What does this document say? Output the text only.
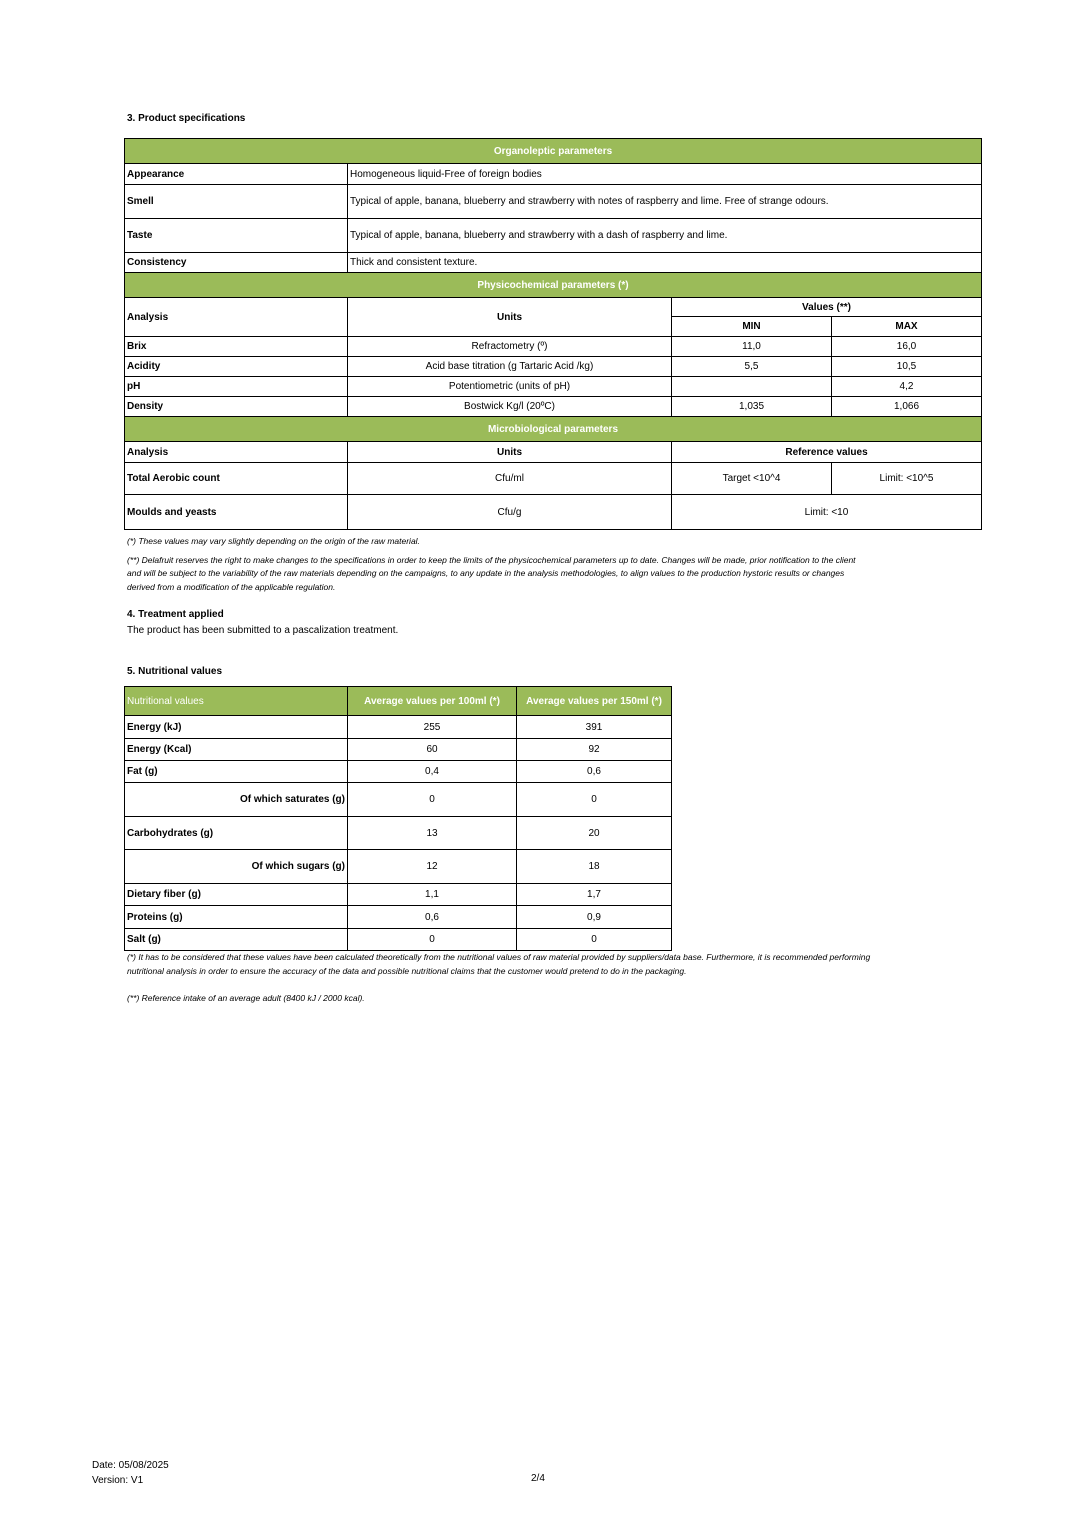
3. Product specifications
Organoleptic parameters			
Appearance	Homogeneous liquid-Free of foreign bodies		
Smell	Typical of apple, banana, blueberry and strawberry with notes of raspberry and lime. Free of strange odours.		
Taste	Typical of apple, banana, blueberry and strawberry with a dash of raspberry and lime.		
Consistency	Thick and consistent texture.		
Physicochemical parameters (*)			
Analysis	Units	Values (**)	
		MIN	MAX
Brix	Refractometry (º)	11,0	16,0
Acidity	Acid base titration (g Tartaric Acid /kg)	5,5	10,5
pH	Potentiometric (units of pH)		4,2
Density	Bostwick Kg/l (20ºC)	1,035	1,066
Microbiological parameters			
Analysis	Units	Reference values	
Total Aerobic count	Cfu/ml	Target <10^4	Limit: <10^5
Moulds and yeasts	Cfu/g	Limit: <10	
(*) These values may vary slightly depending on the origin of the raw material.
(**) Delafruit reserves the right to make changes to the specifications in order to keep the limits of the physicochemical parameters up to date. Changes will be made, prior notification to the client
and will be subject to the variability of the raw materials depending on the campaigns, to any update in the analysis methodologies, to align values to the production hystoric results or changes
derived from a modification of the applicable regulation.
4. Treatment applied
The product has been submitted to a pascalization treatment.
5. Nutritional values
Nutritional values	Average values per 100ml (*)	Average values per 150ml (*)
Energy (kJ)	255	391
Energy (Kcal)	60	92
Fat (g)	0,4	0,6
Of which saturates (g)	0	0
Carbohydrates (g)	13	20
Of which sugars (g)	12	18
Dietary fiber (g)	1,1	1,7
Proteins (g)	0,6	0,9
Salt (g)	0	0
(*) It has to be considered that these values have been calculated theoretically from the nutritional values of raw material provided by suppliers/data base. Furthermore, it is recommended performing
nutritional analysis in order to ensure the accuracy of the data and possible nutritional claims that the customer would pretend to do in the packaging.
(**) Reference intake of an average adult (8400 kJ / 2000 kcal).
Date: 05/08/2025
Version: V1	2/4
